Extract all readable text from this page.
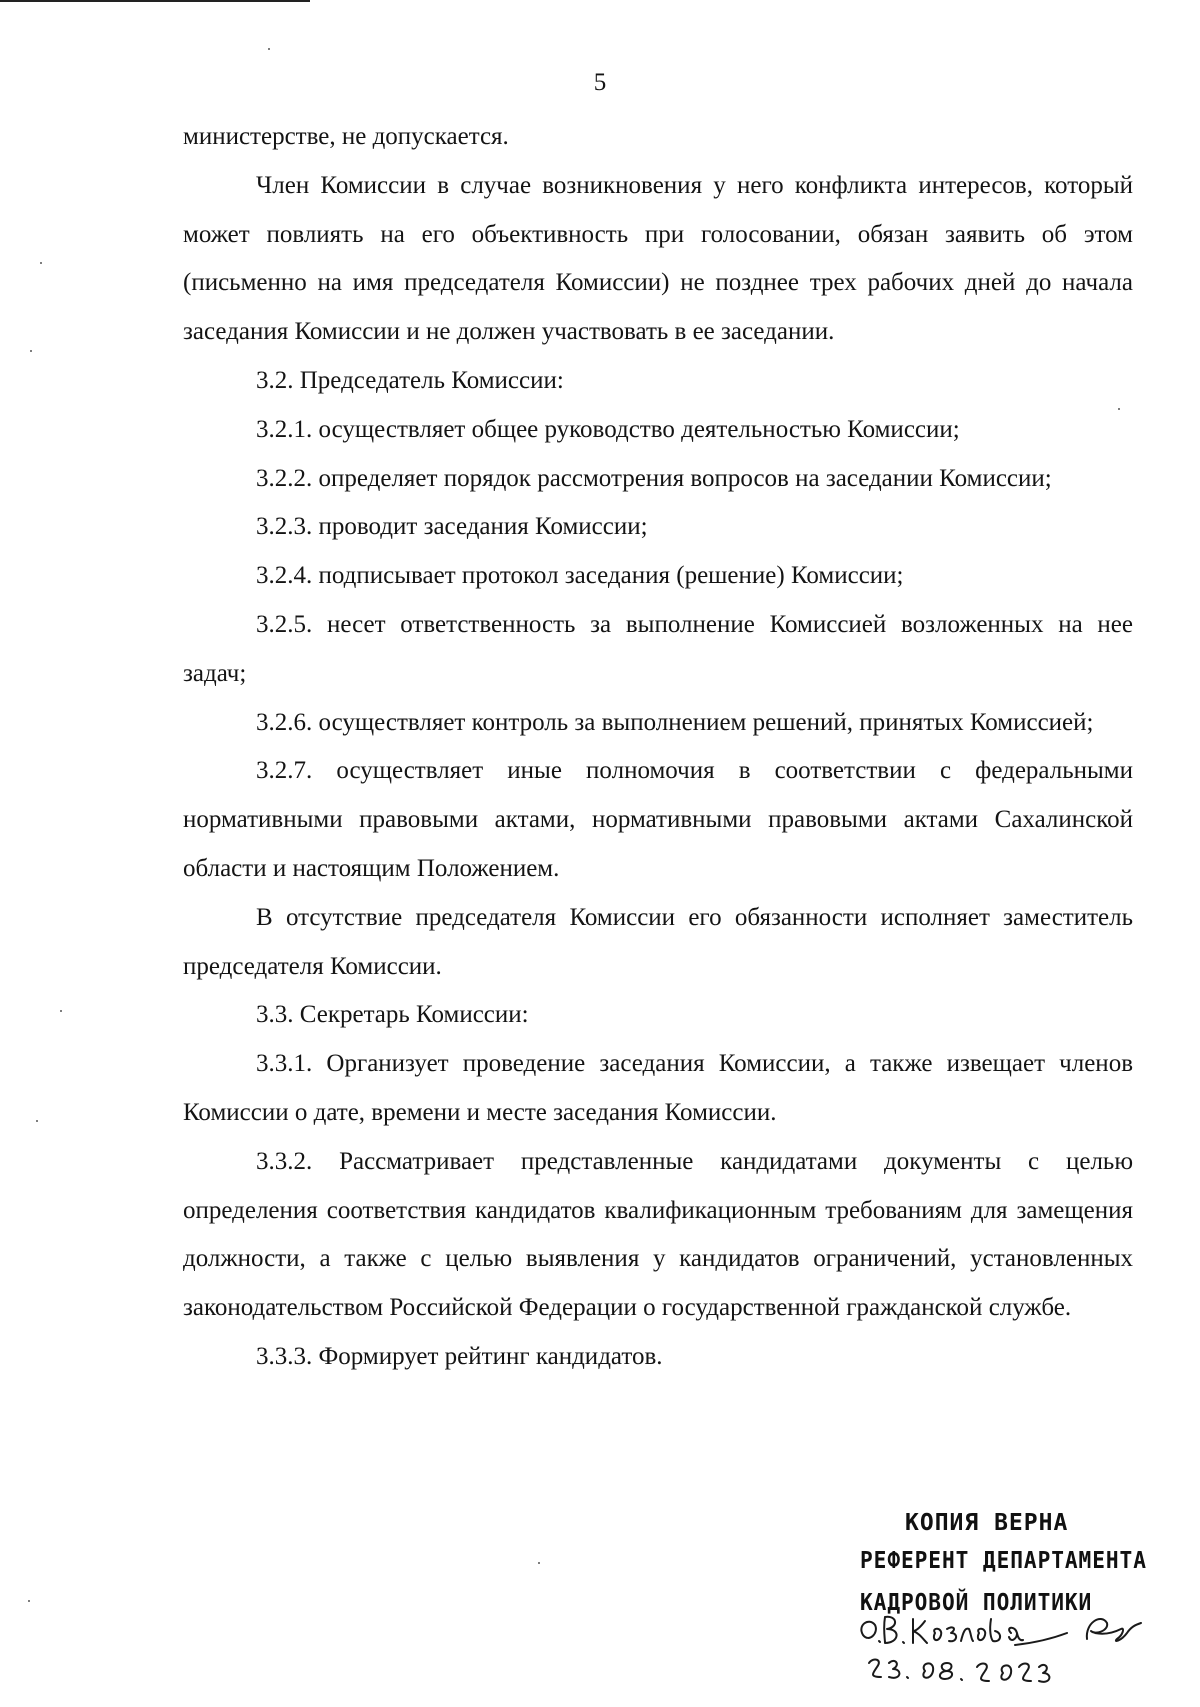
5

министерстве, не допускается.

Член Комиссии в случае возникновения у него конфликта интересов, который может повлиять на его объективность при голосовании, обязан заявить об этом (письменно на имя председателя Комиссии) не позднее трех рабочих дней до начала заседания Комиссии и не должен участвовать в ее заседании.

3.2. Председатель Комиссии:

3.2.1. осуществляет общее руководство деятельностью Комиссии;

3.2.2. определяет порядок рассмотрения вопросов на заседании Комиссии;

3.2.3. проводит заседания Комиссии;

3.2.4. подписывает протокол заседания (решение) Комиссии;

3.2.5. несет ответственность за выполнение Комиссией возложенных на нее задач;

3.2.6. осуществляет контроль за выполнением решений, принятых Комиссией;

3.2.7. осуществляет иные полномочия в соответствии с федеральными нормативными правовыми актами, нормативными правовыми актами Сахалинской области и настоящим Положением.

В отсутствие председателя Комиссии его обязанности исполняет заместитель председателя Комиссии.

3.3. Секретарь Комиссии:

3.3.1. Организует проведение заседания Комиссии, а также извещает членов Комиссии о дате, времени и месте заседания Комиссии.

3.3.2. Рассматривает представленные кандидатами документы с целью определения соответствия кандидатов квалификационным требованиям для замещения должности, а также с целью выявления у кандидатов ограничений, установленных законодательством Российской Федерации о государственной гражданской службе.

3.3.3. Формирует рейтинг кандидатов.

КОПИЯ ВЕРНА
РЕФЕРЕНТ ДЕПАРТАМЕНТА
КАДРОВОЙ ПОЛИТИКИ
